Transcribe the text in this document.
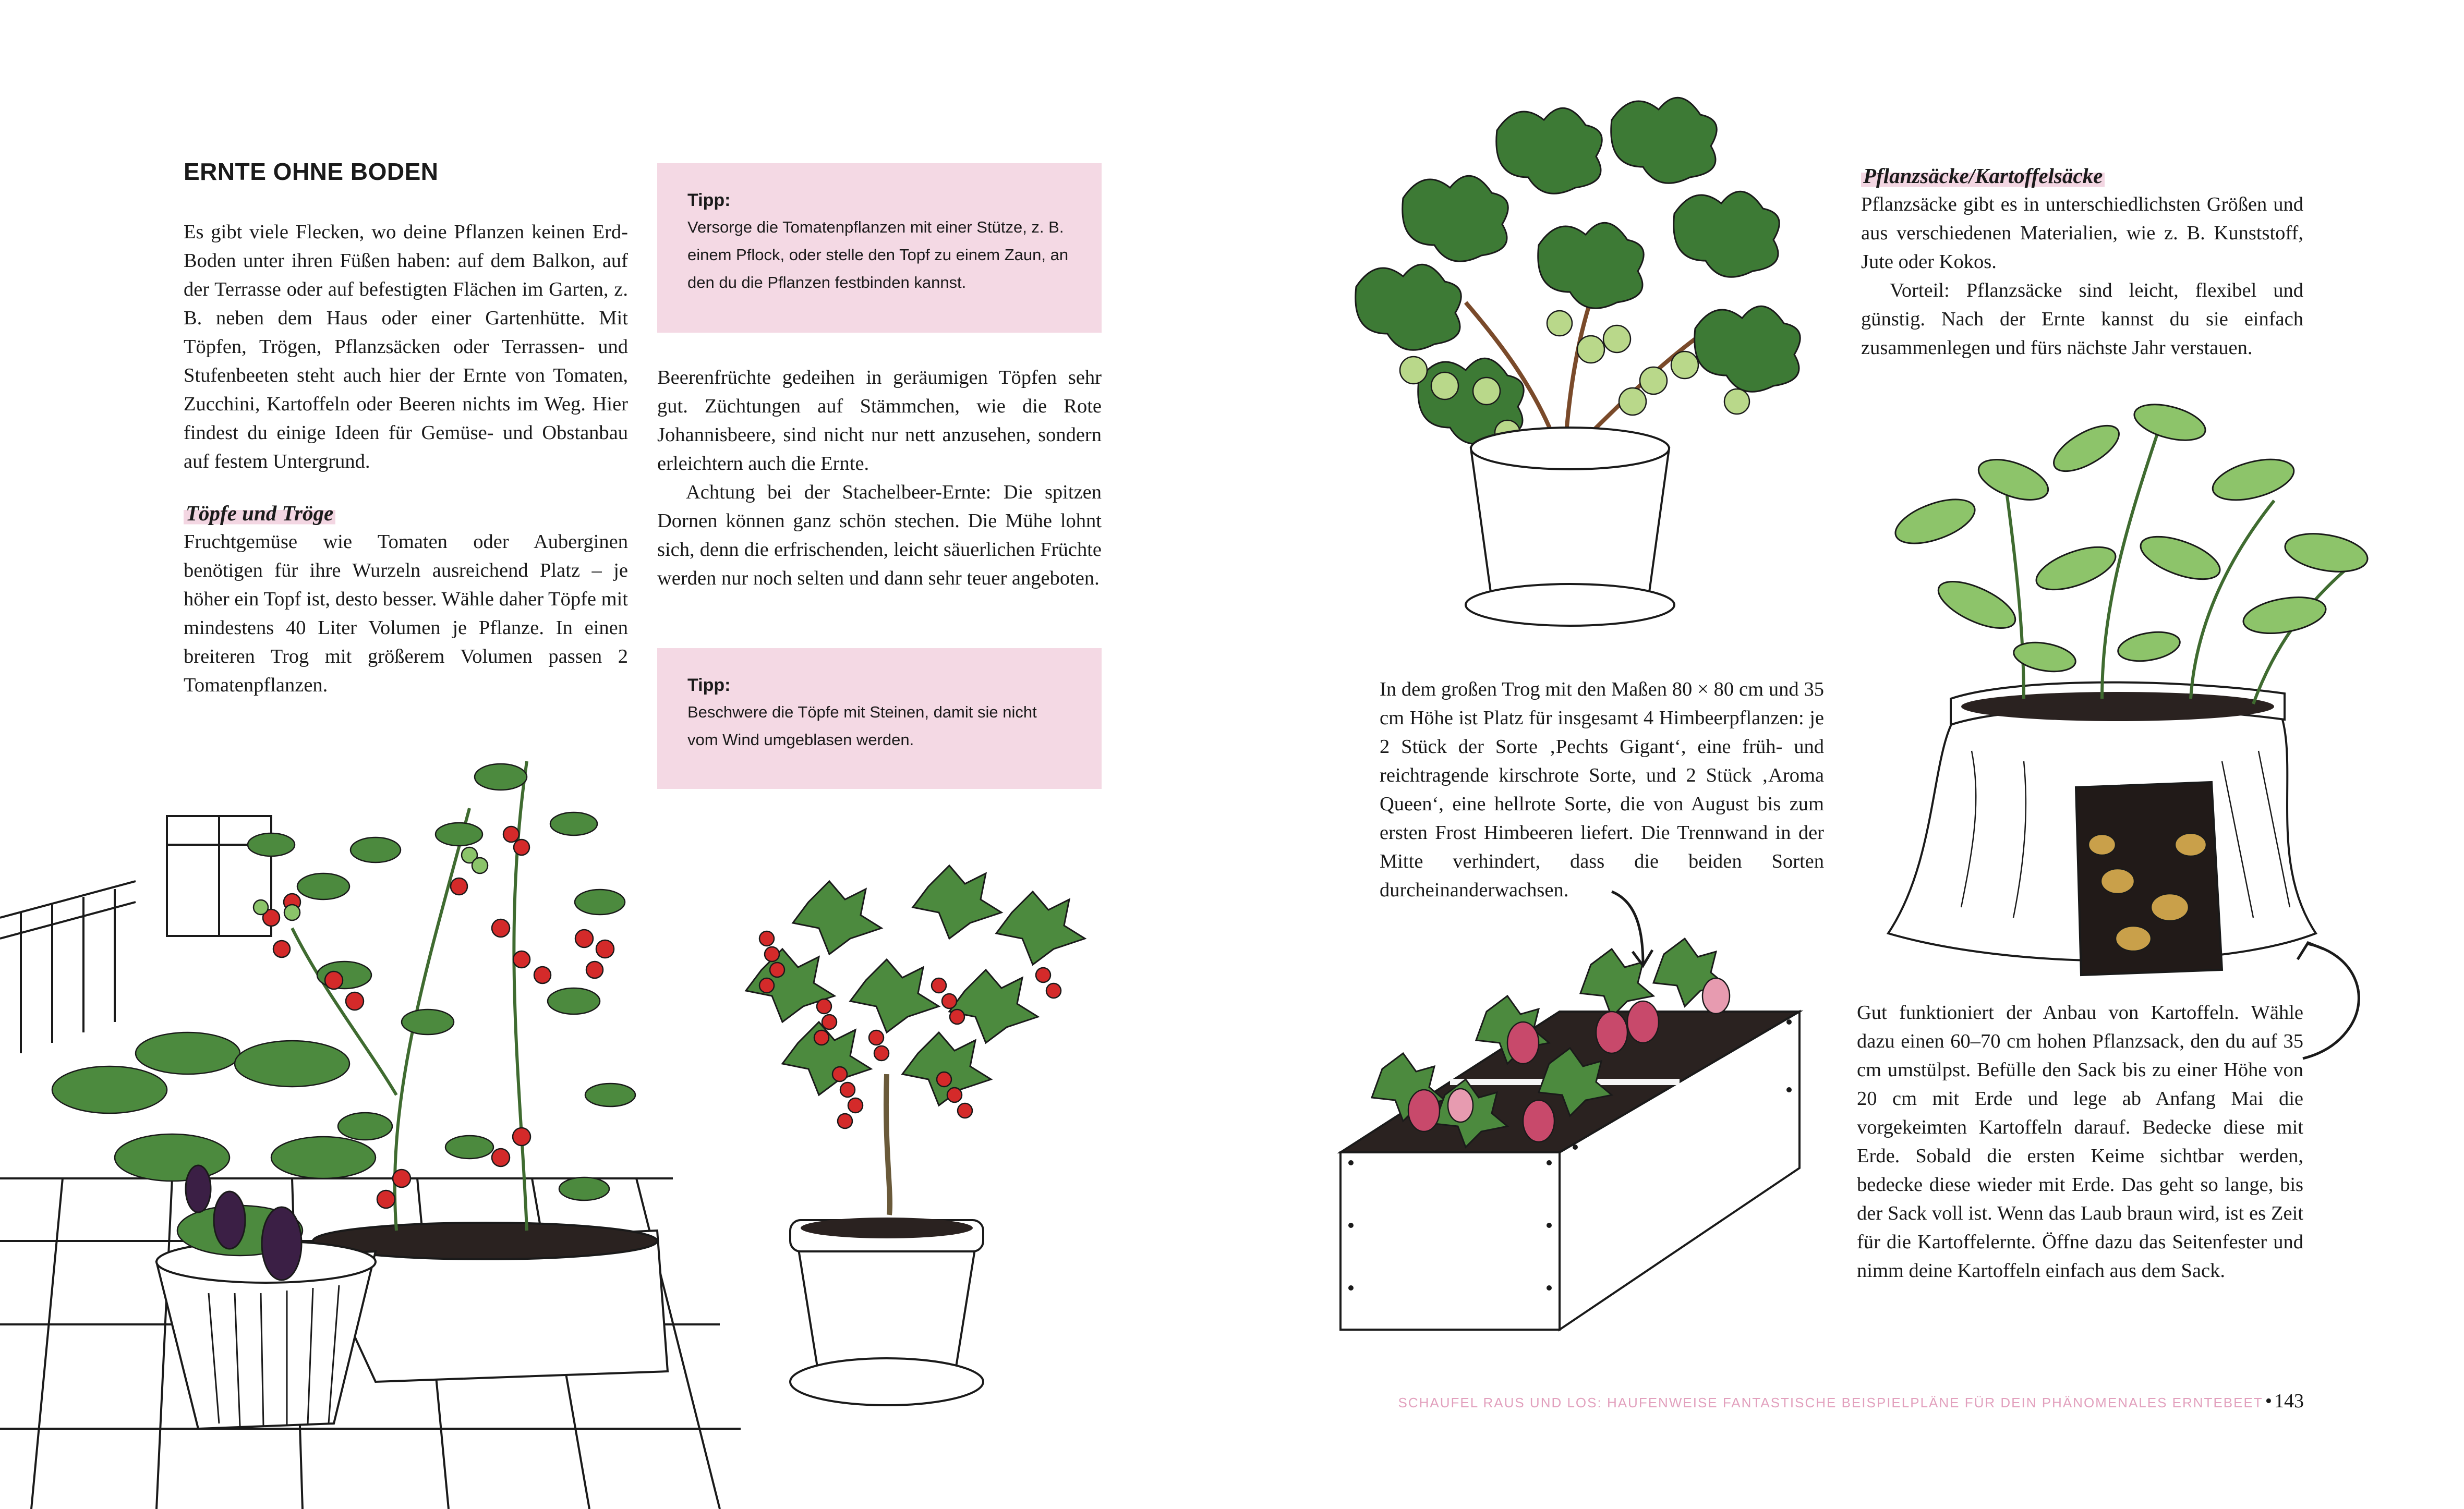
ERNTE OHNE BODEN

Es gibt viele Flecken, wo deine Pflanzen keinen Erd-Boden unter ihren Füßen haben: auf dem Balkon, auf der Terrasse oder auf befestigten Flächen im Garten, z. B. neben dem Haus oder einer Gartenhütte. Mit Töpfen, Trögen, Pflanzsäcken oder Terrassen- und Stufenbeeten steht auch hier der Ernte von Tomaten, Zucchini, Kartoffeln oder Beeren nichts im Weg. Hier findest du einige Ideen für Gemüse- und Obstanbau auf festem Untergrund.

Töpfe und Tröge

Fruchtgemüse wie Tomaten oder Auberginen benötigen für ihre Wurzeln ausreichend Platz – je höher ein Topf ist, desto besser. Wähle daher Töpfe mit mindestens 40 Liter Volumen je Pflanze. In einen breiteren Trog mit größerem Volumen passen 2 Tomatenpflanzen.

Tipp:

Versorge die Tomatenpflanzen mit einer Stütze, z. B. einem Pflock, oder stelle den Topf zu einem Zaun, an den du die Pflanzen festbinden kannst.

Beerenfrüchte gedeihen in geräumigen Töpfen sehr gut. Züchtungen auf Stämmchen, wie die Rote Johannisbeere, sind nicht nur nett anzusehen, sondern erleichtern auch die Ernte.

Achtung bei der Stachelbeer-Ernte: Die spitzen Dornen können ganz schön stechen. Die Mühe lohnt sich, denn die erfrischenden, leicht säuerlichen Früchte werden nur noch selten und dann sehr teuer angeboten.

Tipp:

Beschwere die Töpfe mit Steinen, damit sie nicht vom Wind umgeblasen werden.

Pflanzsäcke/Kartoffelsäcke

Pflanzsäcke gibt es in unterschiedlichsten Größen und aus verschiedenen Materialien, wie z. B. Kunststoff, Jute oder Kokos.

Vorteil: Pflanzsäcke sind leicht, flexibel und günstig. Nach der Ernte kannst du sie einfach zusammenlegen und fürs nächste Jahr verstauen.

In dem großen Trog mit den Maßen 80 × 80 cm und 35 cm Höhe ist Platz für insgesamt 4 Himbeerpflanzen: je 2 Stück der Sorte ‚Pechts Gigant‘, eine früh- und reichtragende kirschrote Sorte, und 2 Stück ‚Aroma Queen‘, eine hellrote Sorte, die von August bis zum ersten Frost Himbeeren liefert. Die Trennwand in der Mitte verhindert, dass die beiden Sorten durcheinanderwachsen.

Gut funktioniert der Anbau von Kartoffeln. Wähle dazu einen 60–70 cm hohen Pflanzsack, den du auf 35 cm umstülpst. Befülle den Sack bis zu einer Höhe von 20 cm mit Erde und lege ab Anfang Mai die vorgekeimten Kartoffeln darauf. Bedecke diese mit Erde. Sobald die ersten Keime sichtbar werden, bedecke diese wieder mit Erde. Das geht so lange, bis der Sack voll ist. Wenn das Laub braun wird, ist es Zeit für die Kartoffelernte. Öffne dazu das Seitenfester und nimm deine Kartoffeln einfach aus dem Sack.

SCHAUFEL RAUS UND LOS: HAUFENWEISE FANTASTISCHE BEISPIELPLÄNE FÜR DEIN PHÄNOMENALES ERNTEBEET • 143
